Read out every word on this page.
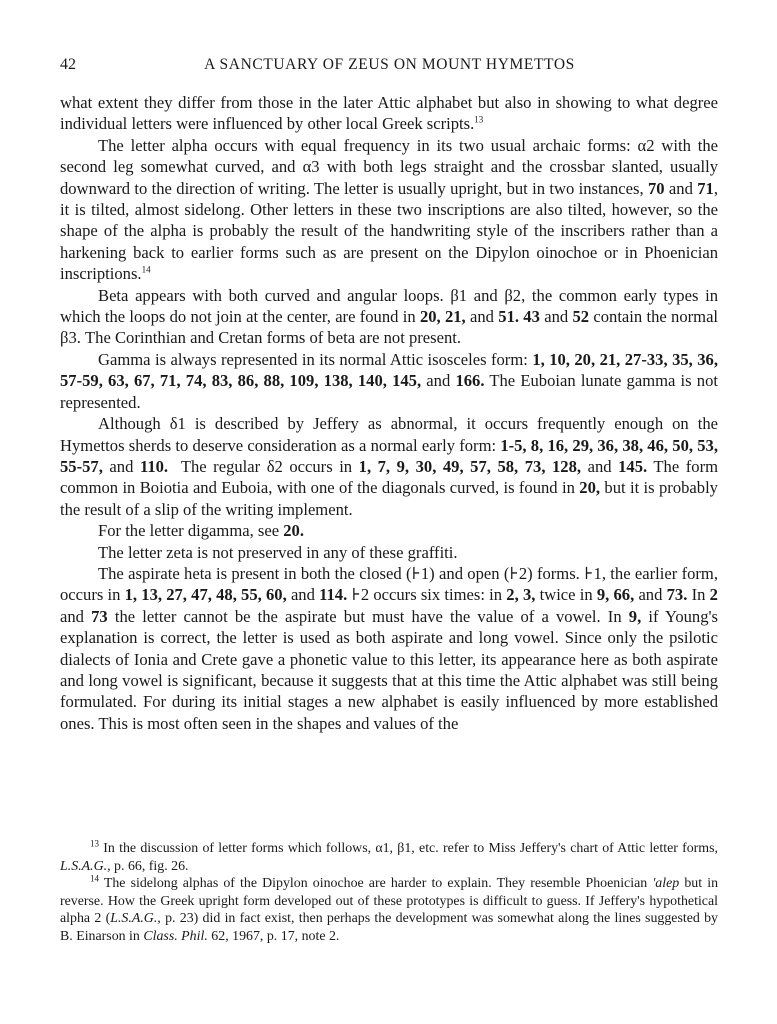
42	A SANCTUARY OF ZEUS ON MOUNT HYMETTOS

what extent they differ from those in the later Attic alphabet but also in showing to what degree individual letters were influenced by other local Greek scripts.$^{13}$

The letter alpha occurs with equal frequency in its two usual archaic forms: α2 with the second leg somewhat curved, and α3 with both legs straight and the crossbar slanted, usually downward to the direction of writing. The letter is usually upright, but in two instances, 70 and 71, it is tilted, almost sidelong. Other letters in these two inscriptions are also tilted, however, so the shape of the alpha is probably the result of the handwriting style of the inscribers rather than a harkening back to earlier forms such as are present on the Dipylon oinochoe or in Phoenician inscriptions.$^{14}$

Beta appears with both curved and angular loops. β1 and β2, the common early types in which the loops do not join at the center, are found in 20, 21, and 51. 43 and 52 contain the normal β3. The Corinthian and Cretan forms of beta are not present.

Gamma is always represented in its normal Attic isosceles form: 1, 10, 20, 21, 27-33, 35, 36, 57-59, 63, 67, 71, 74, 83, 86, 88, 109, 138, 140, 145, and 166. The Euboian lunate gamma is not represented.

Although δ1 is described by Jeffery as abnormal, it occurs frequently enough on the Hymettos sherds to deserve consideration as a normal early form: 1-5, 8, 16, 29, 36, 38, 46, 50, 53, 55-57, and 110. The regular δ2 occurs in 1, 7, 9, 30, 49, 57, 58, 73, 128, and 145. The form common in Boiotia and Euboia, with one of the diagonals curved, is found in 20, but it is probably the result of a slip of the writing implement.

For the letter digamma, see 20.

The letter zeta is not preserved in any of these graffiti.

The aspirate heta is present in both the closed (⊦1) and open (⊦2) forms. ⊦1, the earlier form, occurs in 1, 13, 27, 47, 48, 55, 60, and 114. ⊦2 occurs six times: in 2, 3, twice in 9, 66, and 73. In 2 and 73 the letter cannot be the aspirate but must have the value of a vowel. In 9, if Young's explanation is correct, the letter is used as both aspirate and long vowel. Since only the psilotic dialects of Ionia and Crete gave a phonetic value to this letter, its appearance here as both aspirate and long vowel is significant, because it suggests that at this time the Attic alphabet was still being formulated. For during its initial stages a new alphabet is easily influenced by more established ones. This is most often seen in the shapes and values of the

$^{13}$ In the discussion of letter forms which follows, α1, β1, etc. refer to Miss Jeffery's chart of Attic letter forms, L.S.A.G., p. 66, fig. 26.

$^{14}$ The sidelong alphas of the Dipylon oinochoe are harder to explain. They resemble Phoenician 'alep but in reverse. How the Greek upright form developed out of these prototypes is difficult to guess. If Jeffery's hypothetical alpha 2 (L.S.A.G., p. 23) did in fact exist, then perhaps the development was somewhat along the lines suggested by B. Einarson in Class. Phil. 62, 1967, p. 17, note 2.
